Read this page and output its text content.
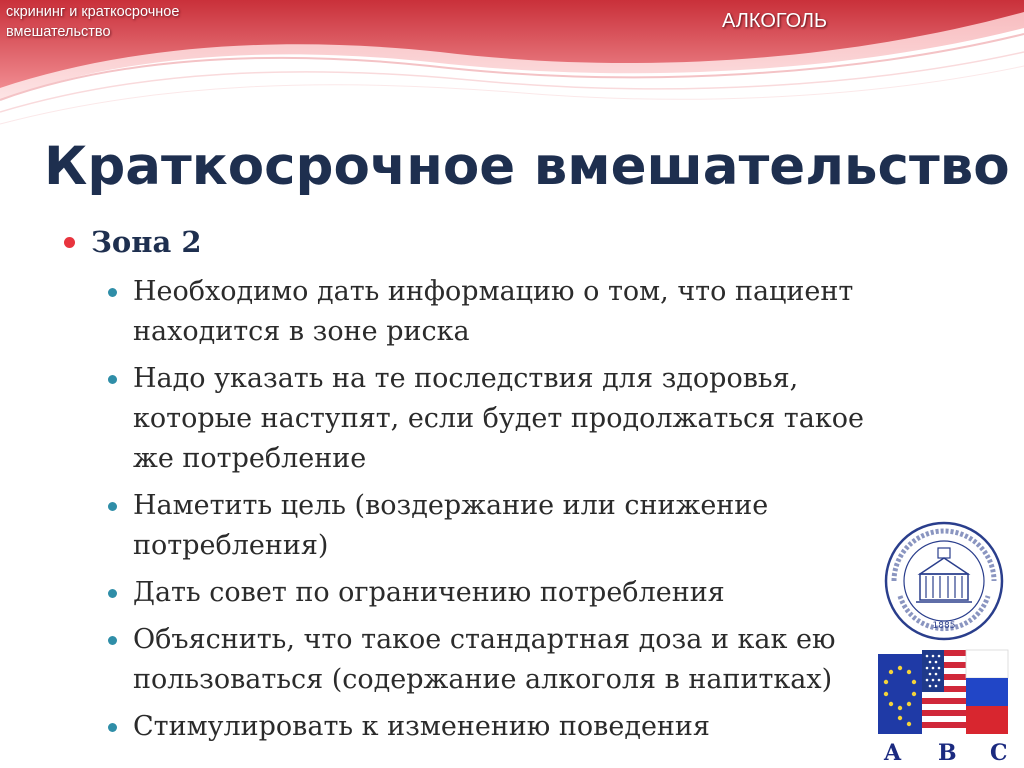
скрининг и краткосрочное вмешательство	АЛКОГОЛЬ
Краткосрочное вмешательство
Зона 2
Необходимо дать информацию о том, что пациент находится в зоне риска
Надо указать на те последствия для здоровья, которые наступят, если будет продолжаться такое же потребление
Наметить цель (воздержание или снижение потребления)
Дать совет по ограничению потребления
Объяснить, что такое стандартная доза и как ею пользоваться (содержание алкоголя в напитках)
Стимулировать к изменению поведения
1885
A B C
